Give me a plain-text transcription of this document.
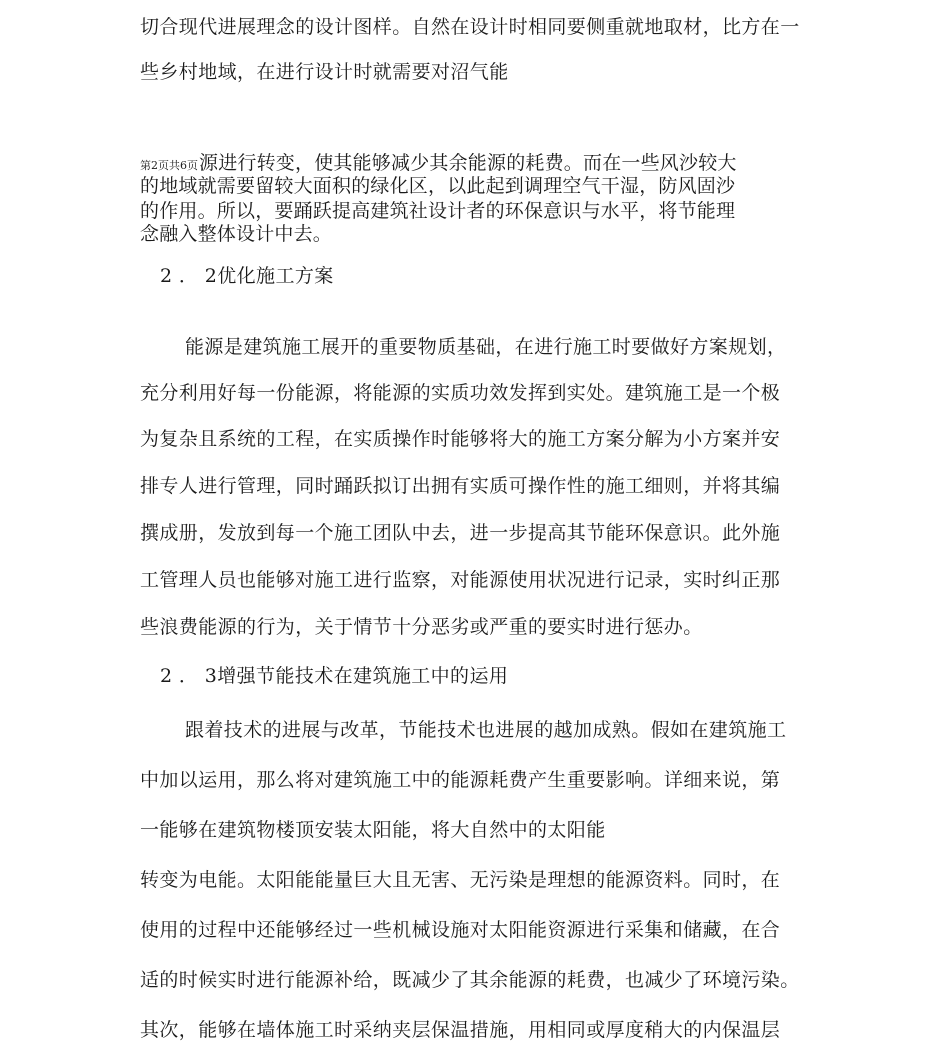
切合现代进展理念的设计图样。自然在设计时相同要侧重就地取材，比方在一
些乡村地域，在进行设计时就需要对沼气能
第2页共6页源进行转变，使其能够减少其余能源的耗费。而在一些风沙较大
的地域就需要留较大面积的绿化区，以此起到调理空气干湿，防风固沙
的作用。所以，要踊跃提高建筑社设计者的环保意识与水平，将节能理
念融入整体设计中去。
2 ． 2优化施工方案
能源是建筑施工展开的重要物质基础，在进行施工时要做好方案规划，
充分利用好每一份能源，将能源的实质功效发挥到实处。建筑施工是一个极
为复杂且系统的工程，在实质操作时能够将大的施工方案分解为小方案并安
排专人进行管理，同时踊跃拟订出拥有实质可操作性的施工细则，并将其编
撰成册，发放到每一个施工团队中去，进一步提高其节能环保意识。此外施
工管理人员也能够对施工进行监察，对能源使用状况进行记录，实时纠正那
些浪费能源的行为，关于情节十分恶劣或严重的要实时进行惩办。
2 ． 3增强节能技术在建筑施工中的运用
跟着技术的进展与改革，节能技术也进展的越加成熟。假如在建筑施工
中加以运用，那么将对建筑施工中的能源耗费产生重要影响。详细来说，第
一能够在建筑物楼顶安装太阳能，将大自然中的太阳能
转变为电能。太阳能能量巨大且无害、无污染是理想的能源资料。同时，在
使用的过程中还能够经过一些机械设施对太阳能资源进行采集和储藏，在合
适的时候实时进行能源补给，既减少了其余能源的耗费，也减少了环境污染。
其次，能够在墙体施工时采纳夹层保温措施，用相同或厚度稍大的内保温层
